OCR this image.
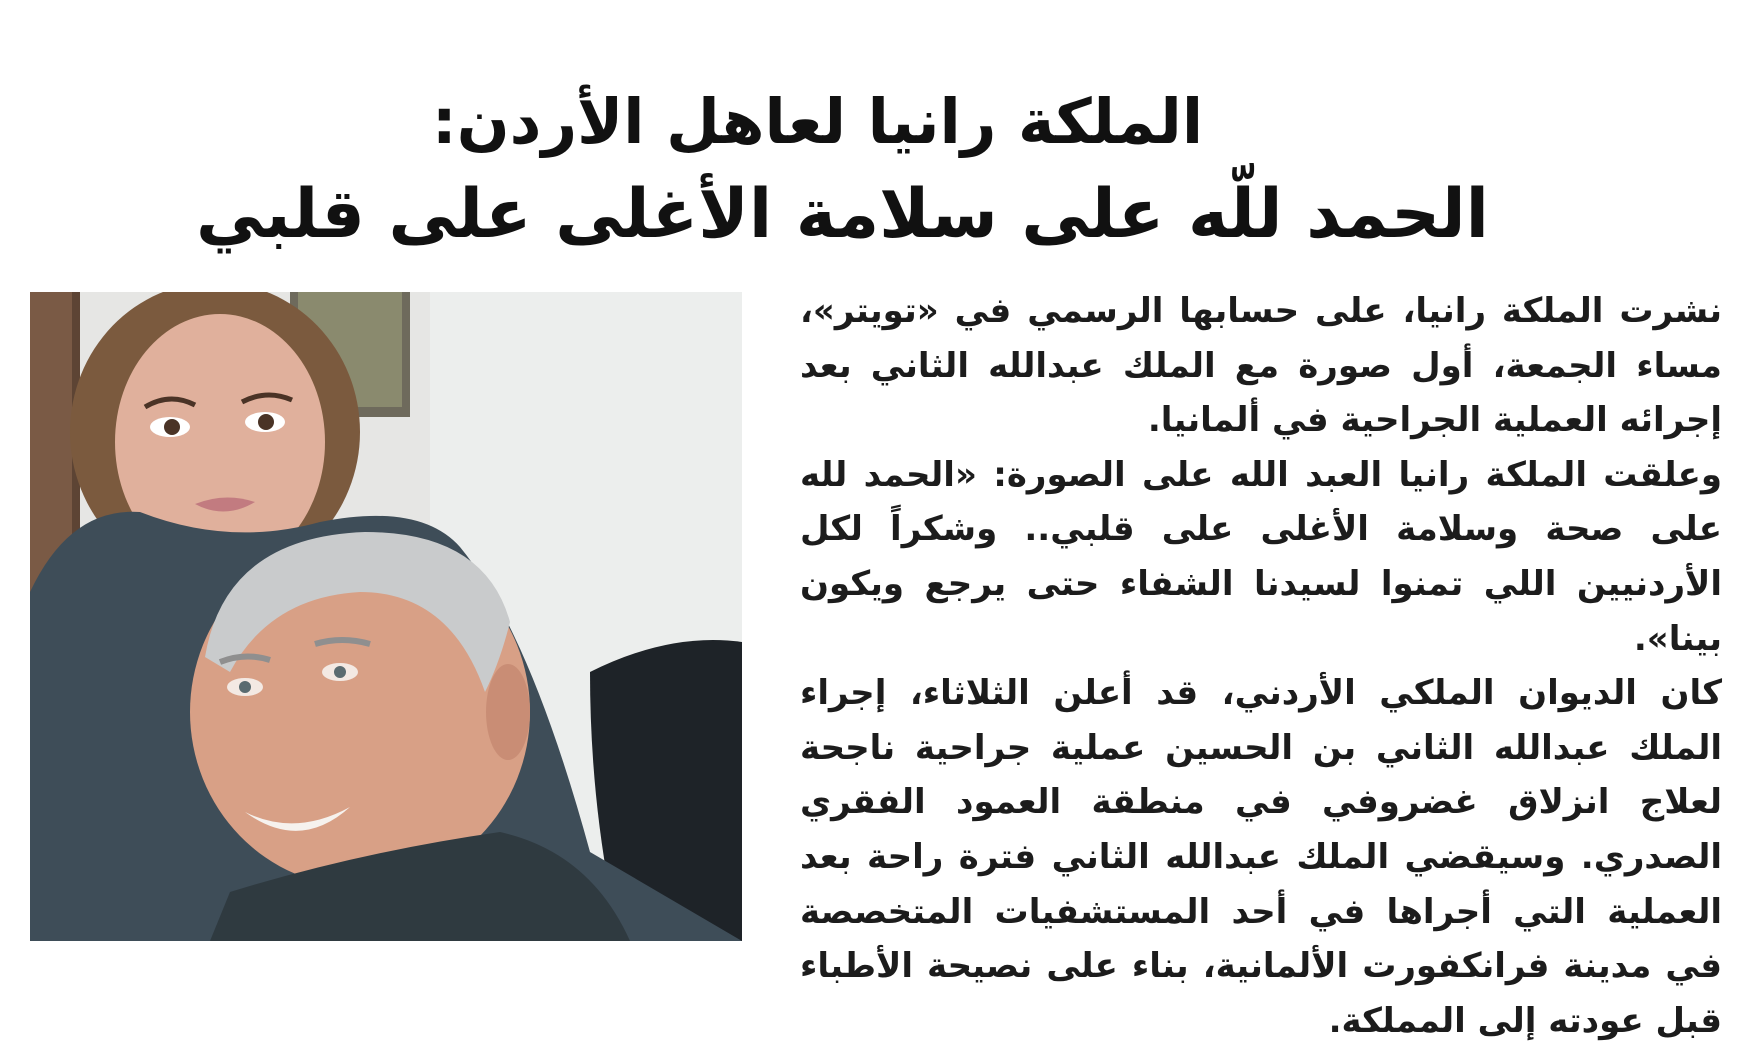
الملكة رانيا لعاهل الأردن:
الحمد للّه على سلامة الأغلى على قلبي

نشرت الملكة رانيا، على حسابها الرسمي في «تويتر»، مساء الجمعة، أول صورة مع الملك عبدالله الثاني بعد إجرائه العملية الجراحية في ألمانيا.

وعلقت الملكة رانيا العبد الله على الصورة: «الحمد لله على صحة وسلامة الأغلى على قلبي.. وشكراً لكل الأردنيين اللي تمنوا لسيدنا الشفاء حتى يرجع ويكون بينا».

كان الديوان الملكي الأردني، قد أعلن الثلاثاء، إجراء الملك عبدالله الثاني بن الحسين عملية جراحية ناجحة لعلاج انزلاق غضروفي في منطقة العمود الفقري الصدري. وسيقضي الملك عبدالله الثاني فترة راحة بعد العملية التي أجراها في أحد المستشفيات المتخصصة في مدينة فرانكفورت الألمانية، بناء على نصيحة الأطباء قبل عودته إلى المملكة.
